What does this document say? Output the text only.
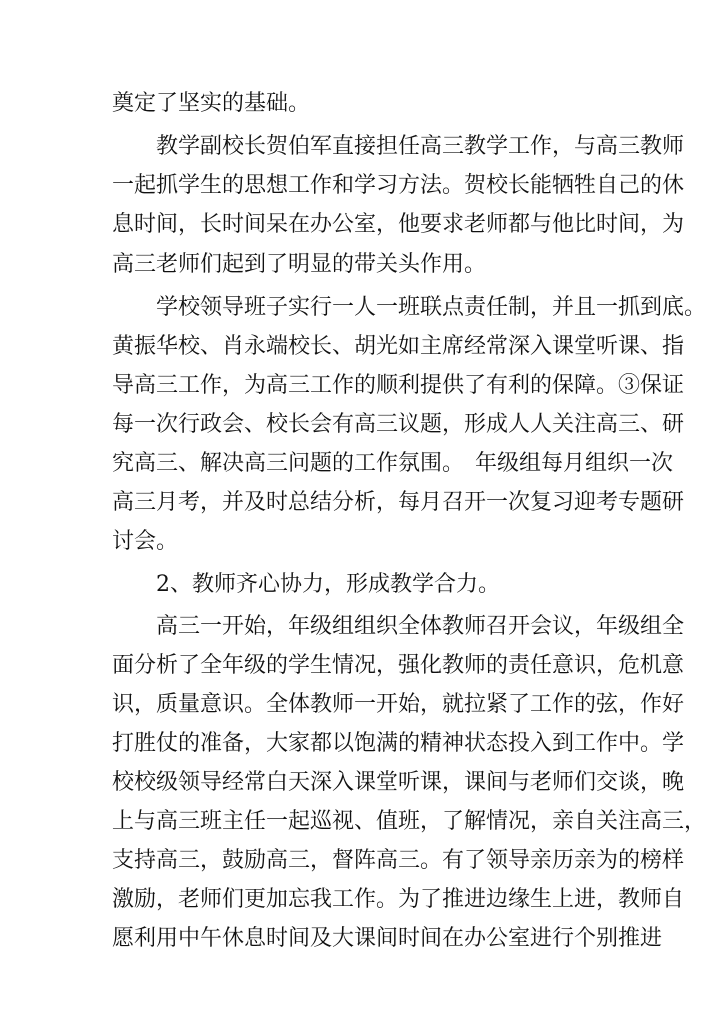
奠定了坚实的基础。
　　教学副校长贺伯军直接担任高三教学工作，与高三教师
一起抓学生的思想工作和学习方法。贺校长能牺牲自己的休
息时间，长时间呆在办公室，他要求老师都与他比时间，为
高三老师们起到了明显的带关头作用。
　　学校领导班子实行一人一班联点责任制，并且一抓到底。
黄振华校、肖永端校长、胡光如主席经常深入课堂听课、指
导高三工作，为高三工作的顺利提供了有利的保障。③保证
每一次行政会、校长会有高三议题，形成人人关注高三、研
究高三、解决高三问题的工作氛围。　年级组每月组织一次
高三月考，并及时总结分析，每月召开一次复习迎考专题研
讨会。
　　2、教师齐心协力，形成教学合力。
　　高三一开始，年级组组织全体教师召开会议，年级组全
面分析了全年级的学生情况，强化教师的责任意识，危机意
识，质量意识。全体教师一开始，就拉紧了工作的弦，作好
打胜仗的准备，大家都以饱满的精神状态投入到工作中。学
校校级领导经常白天深入课堂听课，课间与老师们交谈，晚
上与高三班主任一起巡视、值班，了解情况，亲自关注高三，
支持高三，鼓励高三，督阵高三。有了领导亲历亲为的榜样
激励，老师们更加忘我工作。为了推进边缘生上进，教师自
愿利用中午休息时间及大课间时间在办公室进行个别推进
